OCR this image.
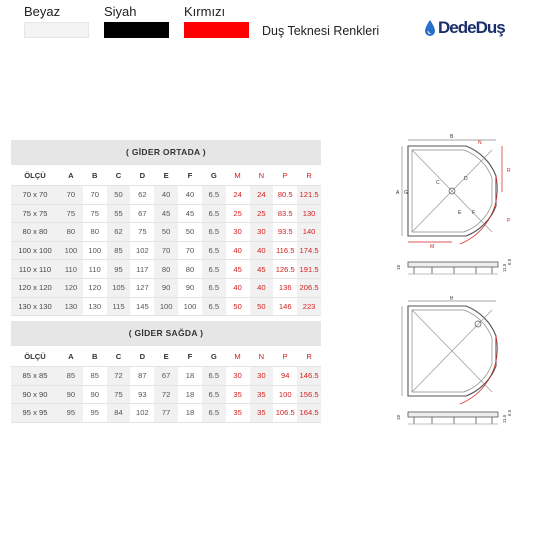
Beyaz	Siyah	Kırmızı
Duş Teknesi Renkleri	DedeDuş
( GİDER ORTADA )											
ÖLÇÜ	A	B	C	D	E	F	G	M	N	P	R
70 x 70	70	70	50	62	40	40	6.5	24	24	80.5	121.5
75 x 75	75	75	55	67	45	45	6.5	25	25	83.5	130
80 x 80	80	80	62	75	50	50	6.5	30	30	93.5	140
100 x 100	100	100	85	102	70	70	6.5	40	40	116.5	174.5
110 x 110	110	110	95	117	80	80	6.5	45	45	126.5	191.5
120 x 120	120	120	105	127	90	90	6.5	40	40	136	206.5
130 x 130	130	130	115	145	100	100	6.5	50	50	146	223
( GİDER SAĞDA )											
ÖLÇÜ	A	B	C	D	E	F	G	M	N	P	R
85 x 85	85	85	72	87	67	18	6.5	30	30	94	146.5
90 x 90	90	90	75	93	72	18	6.5	35	35	100	156.5
95 x 95	95	95	84	102	77	18	6.5	35	35	106.5	164.5
B
N
A G
R
P
M
C
D
E F
18	11.5
6.5
B
18	11.5
6.5
